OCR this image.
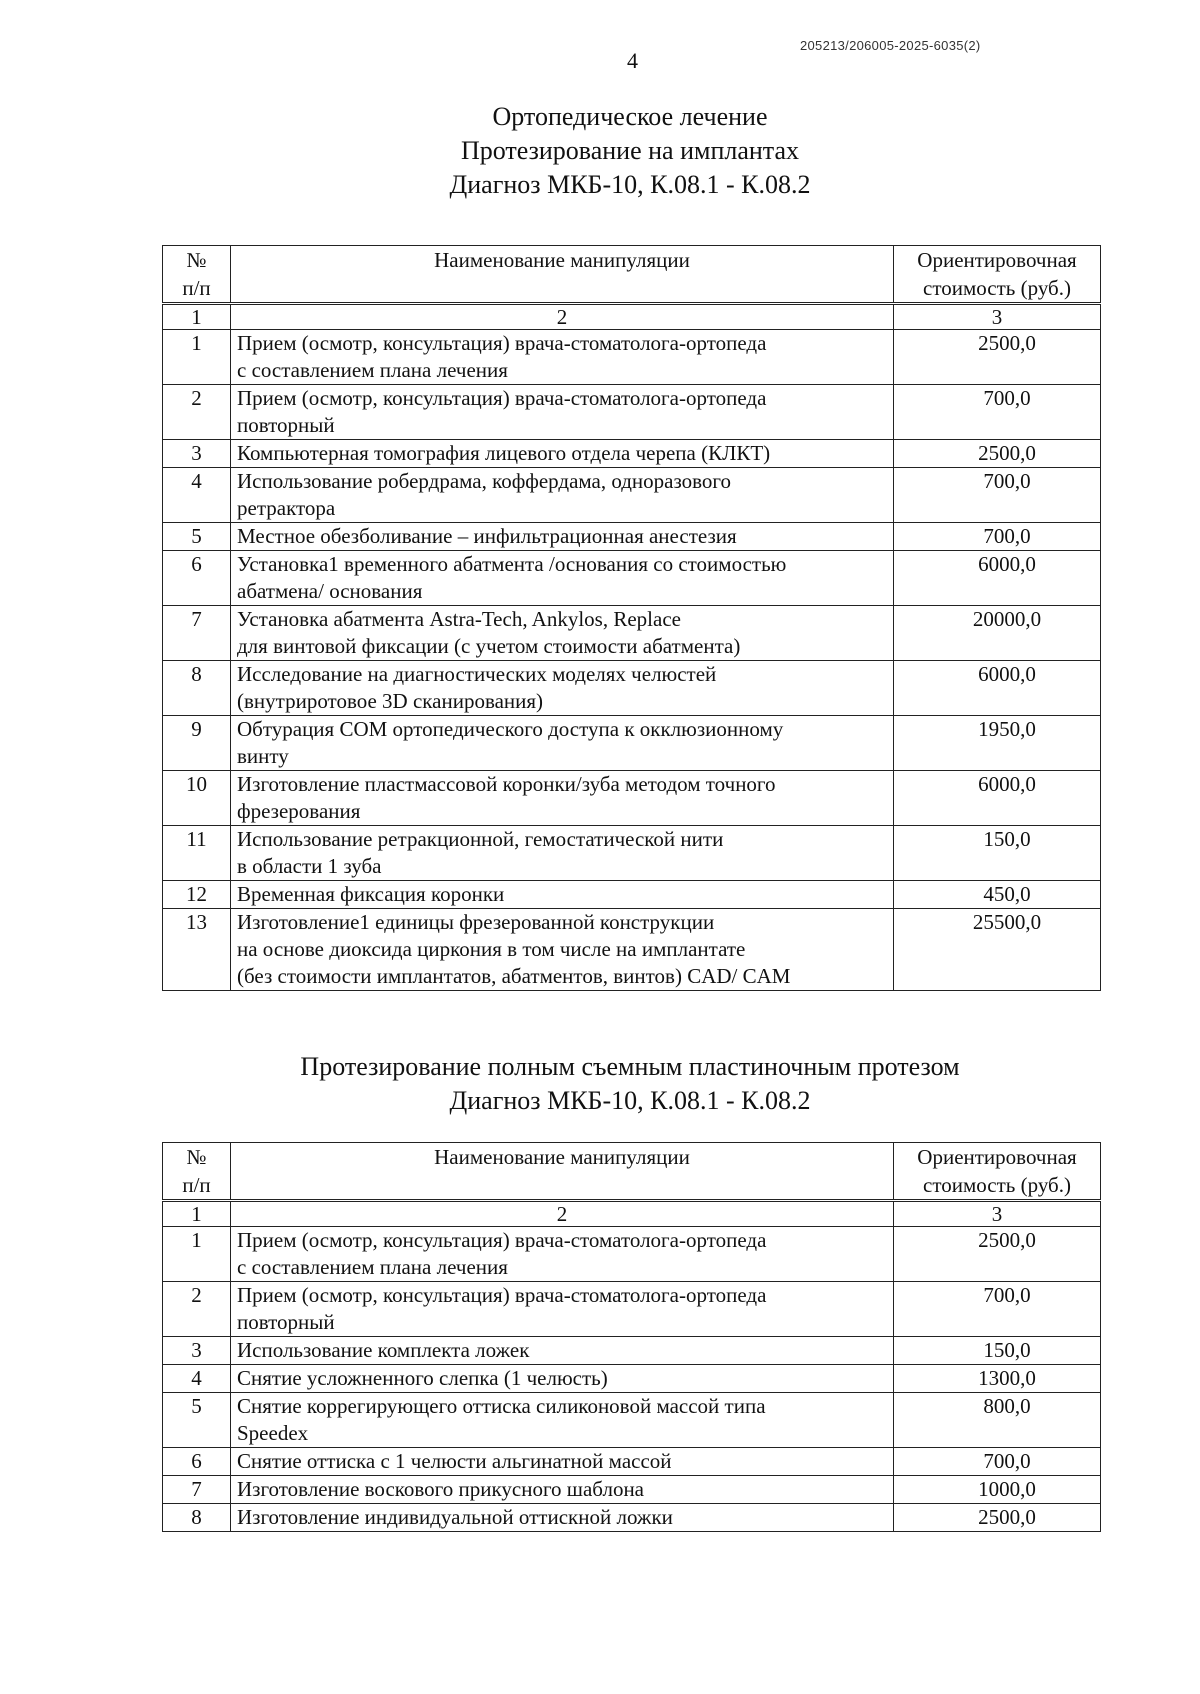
4
205213/206005-2025-6035(2)
Ортопедическое лечение
Протезирование на имплантах
Диагноз МКБ-10, К.08.1 - К.08.2
№
п/п	Наименование манипуляции	Ориентировочная
стоимость (руб.)

1	2	3
1	Прием (осмотр, консультация) врача-стоматолога-ортопеда
с составлением плана лечения	2500,0
2	Прием (осмотр, консультация) врача-стоматолога-ортопеда
повторный	700,0
3	Компьютерная томография лицевого отдела черепа (КЛКТ)	2500,0
4	Использование робердрама, коффердама, одноразового
ретрактора	700,0
5	Местное обезболивание – инфильтрационная анестезия	700,0
6	Установка1 временного абатмента /основания со стоимостью
абатмена/ основания	6000,0
7	Установка абатмента Astra-Tech, Ankylos, Replace
для винтовой фиксации (с учетом стоимости абатмента)	20000,0
8	Исследование на диагностических моделях челюстей
(внутриротовое 3D сканирования)	6000,0
9	Обтурация СОМ ортопедического доступа к окклюзионному
винту	1950,0
10	Изготовление пластмассовой коронки/зуба методом точного
фрезерования	6000,0
11	Использование ретракционной, гемостатической нити
в области 1 зуба	150,0
12	Временная фиксация коронки	450,0
13	Изготовление1 единицы фрезерованной конструкции
на основе диоксида циркония в том числе на имплантате
(без стоимости имплантатов, абатментов, винтов) CAD/ CAM	25500,0
Протезирование полным съемным пластиночным протезом
Диагноз МКБ-10, К.08.1 - К.08.2
№
п/п	Наименование манипуляции	Ориентировочная
стоимость (руб.)

1	2	3
1	Прием (осмотр, консультация) врача-стоматолога-ортопеда
с составлением плана лечения	2500,0
2	Прием (осмотр, консультация) врача-стоматолога-ортопеда
повторный	700,0
3	Использование комплекта ложек	150,0
4	Снятие усложненного слепка (1 челюсть)	1300,0
5	Снятие коррегирующего оттиска силиконовой массой типа
Speedex	800,0
6	Снятие оттиска с 1 челюсти альгинатной массой	700,0
7	Изготовление воскового прикусного шаблона	1000,0
8	Изготовление индивидуальной оттискной ложки	2500,0
